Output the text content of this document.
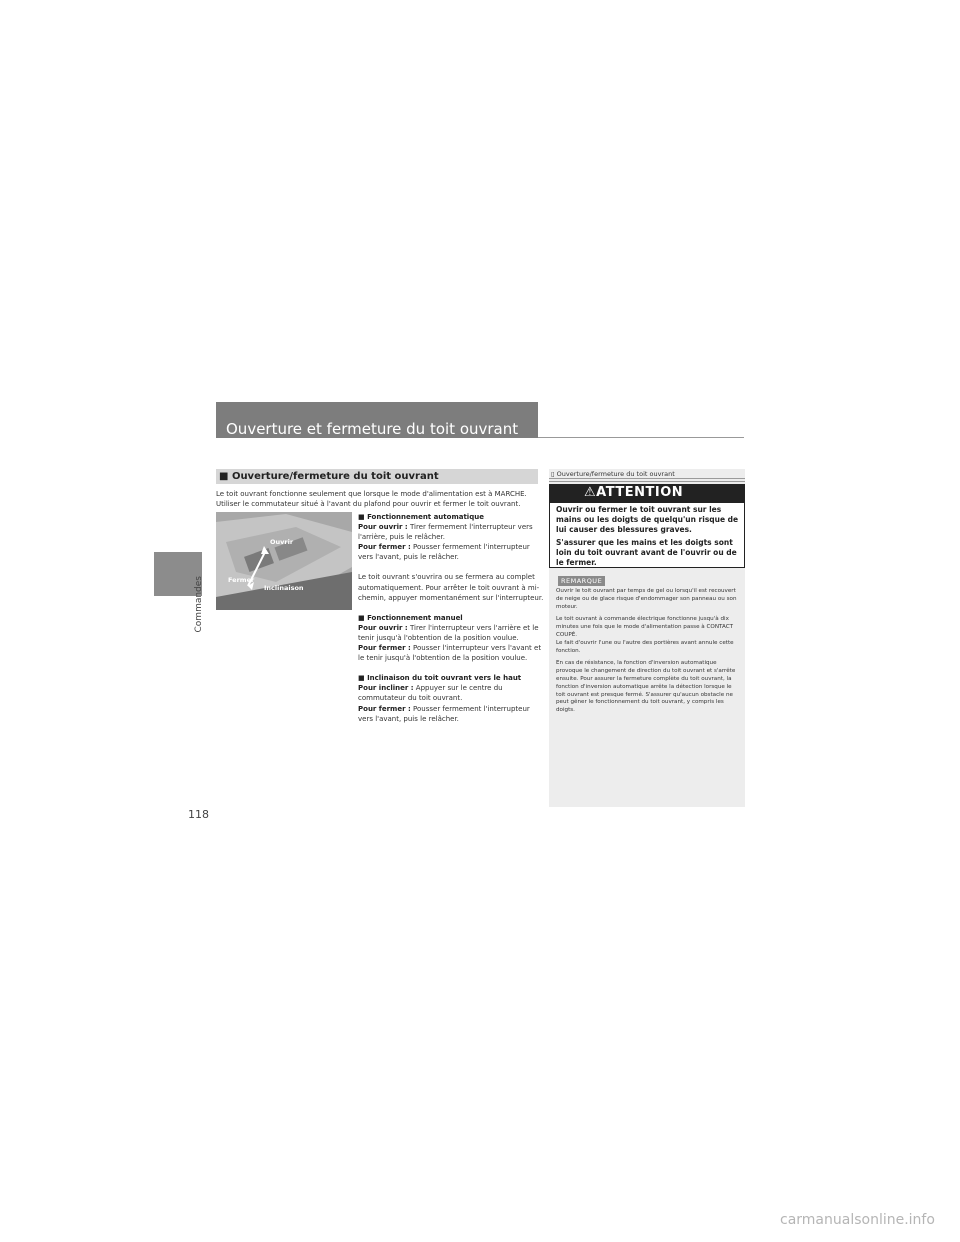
Commandes
118
Ouverture et fermeture du toit ouvrant
■ Ouverture/fermeture du toit ouvrant
Le toit ouvrant fonctionne seulement que lorsque le mode d'alimentation est à MARCHE.
Utiliser le commutateur situé à l'avant du plafond pour ouvrir et fermer le toit ouvrant.
Ouvrir
Fermer
Inclinaison

■ Fonctionnement automatique

Pour ouvrir : Tirer fermement l'interrupteur vers l'arrière, puis le relâcher.

Pour fermer : Pousser fermement l'interrupteur vers l'avant, puis le relâcher.

Le toit ouvrant s'ouvrira ou se fermera au complet automatiquement. Pour arrêter le toit ouvrant à mi-chemin, appuyer momentanément sur l'interrupteur.

■ Fonctionnement manuel

Pour ouvrir : Tirer l'interrupteur vers l'arrière et le tenir jusqu'à l'obtention de la position voulue.

Pour fermer : Pousser l'interrupteur vers l'avant et le tenir jusqu'à l'obtention de la position voulue.

■ Inclinaison du toit ouvrant vers le haut

Pour incliner : Appuyer sur le centre du commutateur du toit ouvrant.

Pour fermer : Pousser fermement l'interrupteur vers l'avant, puis le relâcher.

▯ Ouverture/fermeture du toit ouvrant
⚠ATTENTION

Ouvrir ou fermer le toit ouvrant sur les mains ou les doigts de quelqu'un risque de lui causer des blessures graves.

S'assurer que les mains et les doigts sont loin du toit ouvrant avant de l'ouvrir ou de le fermer.

REMARQUE

Ouvrir le toit ouvrant par temps de gel ou lorsqu'il est recouvert de neige ou de glace risque d'endommager son panneau ou son moteur.

Le toit ouvrant à commande électrique fonctionne jusqu'à dix minutes une fois que le mode d'alimentation passe à CONTACT COUPÉ.

Le fait d'ouvrir l'une ou l'autre des portières avant annule cette fonction.

En cas de résistance, la fonction d'inversion automatique provoque le changement de direction du toit ouvrant et s'arrête ensuite. Pour assurer la fermeture complète du toit ouvrant, la fonction d'inversion automatique arrête la détection lorsque le toit ouvrant est presque fermé. S'assurer qu'aucun obstacle ne peut gêner le fonctionnement du toit ouvrant, y compris les doigts.

carmanualsonline.info
